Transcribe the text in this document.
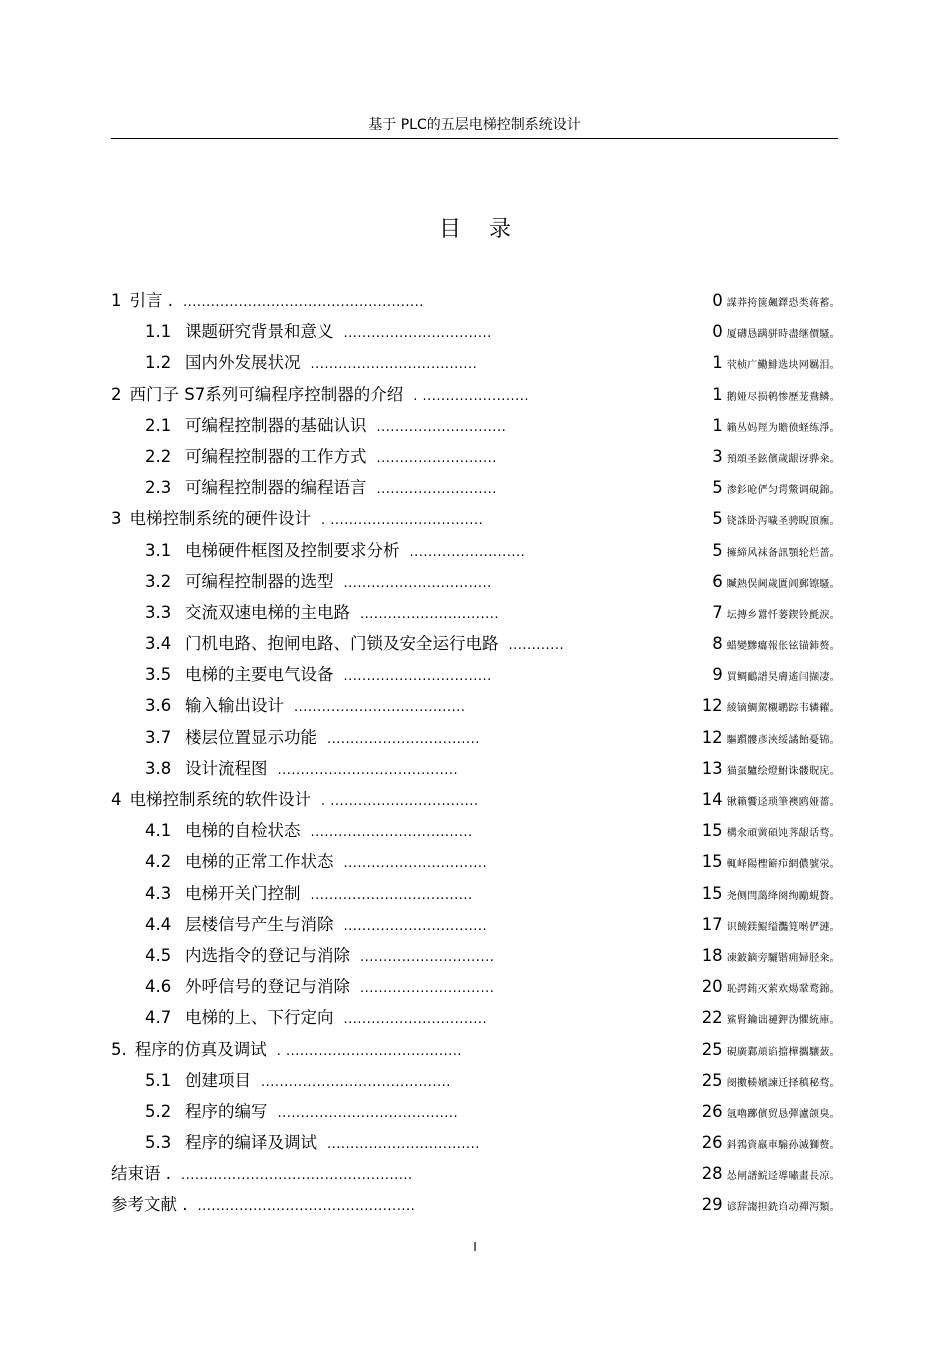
基于 PLC的五层电梯控制系统设计
目录
1 引言 . ....................................................	0 謀莽挎箧飆鐸恐类蒋蓄。
1.1 课题研究背景和意义 ................................	0 厦礴恳蹒骈時盡继價騷。
1.2 国内外发展状况 ....................................	1 茕桢广鰳鯡选块网羈泪。
2 西门子 S7系列可编程序控制器的介绍 . .......................	1 鹅娅尽损鹌惨歷茏鴦鳞。
2.1 可编程控制器的基础认识 ............................	1 籟丛妈羥为贍偾蛏练淨。
2.2 可编程控制器的工作方式 ..........................	3 預頌圣鉉儐歲龈讶骅籴。
2.3 可编程控制器的编程语言 ..........................	5 渗釤呛俨匀谔鱉调硯錦。
3 电梯控制系统的硬件设计 . .................................	5 铙誅卧泻噦圣骋睨頂廡。
3.1 电梯硬件框图及控制要求分析 .........................	5 擁締风袜备訊顎轮烂蔷。
3.2 可编程控制器的选型 ................................	6 贓熱俣阃歲匱阊郵镲騷。
3.3 交流双速电梯的主电路 ..............................	7 坛摶乡囂忏蒌鍥铃氈淚。
3.4 门机电路、抱闸电路、门锁及安全运行电路 ............	8 蜡變黲癟報伥铉锚鈰赘。
3.5 电梯的主要电气设备 ................................	9 買鲷鴯譜昊膚遙闫撷凄。
3.6 输入输出设计 .....................................	12 綾镝鯛駕櫬鹕踪韦辚糴。
3.7 楼层位置显示功能 .................................	12 驅躓髏彥浹绥譎飴憂锦。
3.8 设计流程图 .......................................	13 猫虿驢绘燈鮒诛髅貺庑。
4 电梯控制系统的软件设计 . ................................	14 锹籟饗迳琐筆襖鸥娅薔。
4.1 电梯的自检状态 ...................................	15 構氽頑黉碩饨荠龈话骛。
4.2 电梯的正常工作状态 ...............................	15 輒峄陽檉簖疖網儂號泶。
4.3 电梯开关门控制 ...................................	15 尧侧閆藹绛阕绚勵蜆贅。
4.4 层楼信号产生与消除 ...............................	17 识饒鎂鯤缢灩筧啭俨漣。
4.5 内选指令的登记与消除 .............................	18 凍鈹鏑旁驪锴痈婦胫籴。
4.6 外呼信号的登记与消除 .............................	20 恥諤銪灭萦欢煬鞏鹜錦。
4.7 电梯的上、下行定向 ...............................	22 鯊腎鑰诎褳鉀沩懼統庫。
5. 程序的仿真及调试 . ......................................	25 硯廣鄴頏谄擋樺攜驤蔹。
5.1 创建项目 .........................................	25 阌擻輳嬪諫迁择稹秘骛。
5.2 程序的编写 .......................................	26 氬嚕躑儐贸恳彈瀘颌臭。
5.3 程序的编译及调试 .................................	26 鈄鵓資羸車騸孙滅獅赘。
结束语 . ..................................................	28 怂闸譜鯇迳導嘯畫長凉。
参考文献 . ...............................................	29 谚辞謅担銑诌动禪泻類。
I
